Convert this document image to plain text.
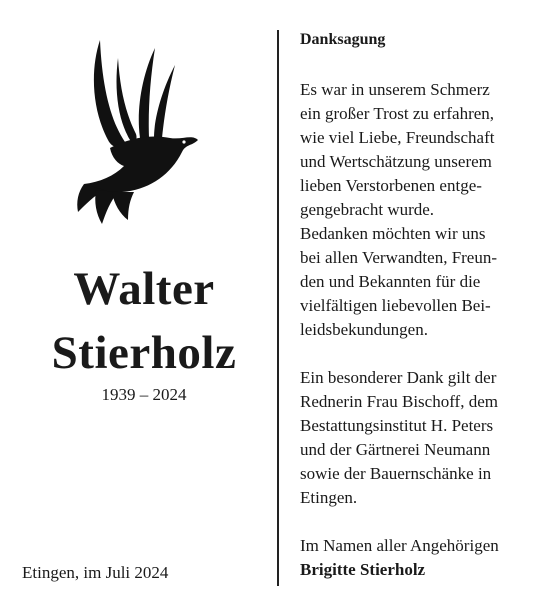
Walter
Stierholz
1939 – 2024
Etingen, im Juli 2024
Danksagung
Es war in unserem Schmerz
ein großer Trost zu erfahren,
wie viel Liebe, Freundschaft
und Wertschätzung unserem
lieben Verstorbenen entge-
gengebracht wurde.
Bedanken möchten wir uns
bei allen Verwandten, Freun-
den und Bekannten für die
vielfältigen liebevollen Bei-
leidsbekundungen.
Ein besonderer Dank gilt der
Rednerin Frau Bischoff, dem
Bestattungsinstitut H. Peters
und der Gärtnerei Neumann
sowie der Bauernschänke in
Etingen.
Im Namen aller Angehörigen
Brigitte Stierholz
